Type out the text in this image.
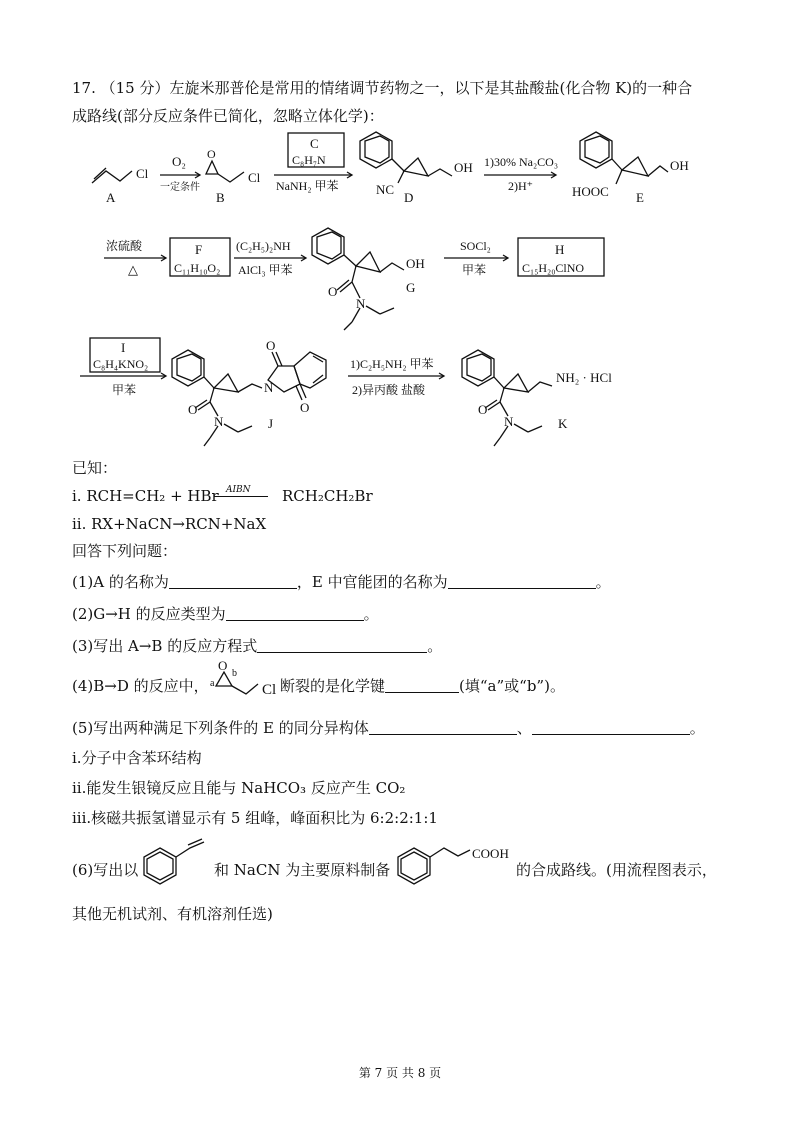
17. （15 分）左旋米那普伦是常用的情绪调节药物之一，以下是其盐酸盐(化合物 K)的一种合
成路线(部分反应条件已简化，忽略立体化学)：
Cl
A
O₂
一定条件
O
Cl
B
C
C₈H₇N
NaNH₂ 甲苯
OH
NC
D
1)30% Na₂CO₃
2)H⁺
OH
HOOC E
浓硫酸
△
F
C₁₁H₁₀O₂
(C₂H₅)₂NH
AlCl₃ 甲苯	OH
O
N
G
SOCl₂
甲苯
H
C₁₅H₂₀ClNO
I
C₈H₄KNO₂
甲苯	N
O
O
O
N	J
1)C₂H₅NH₂ 甲苯
2)异丙酸 盐酸
NH₂ · HCl
O
N	K
已知：
i. RCH=CH₂ + HBr AIBN RCH₂CH₂Br
ii. RX+NaCN→RCN+NaX
回答下列问题：
(1)A 的名称为	，E 中官能团的名称为	。
(2)G→H 的反应类型为	。
(3)写出 A→B 的反应方程式	。
(4)B→D 的反应中，
O
a
b
Cl 断裂的是化学键	(填“a”或“b”)。
(5)写出两种满足下列条件的 E 的同分异构体	、	。
i.分子中含苯环结构
ii.能发生银镜反应且能与 NaHCO₃ 反应产生 CO₂
iii.核磁共振氢谱显示有 5 组峰，峰面积比为 6:2:2:1:1
(6)写出以
COOH
和 NaCN 为主要原料制备	的合成路线。(用流程图表示，
其他无机试剂、有机溶剂任选)
第 7 页 共 8 页
